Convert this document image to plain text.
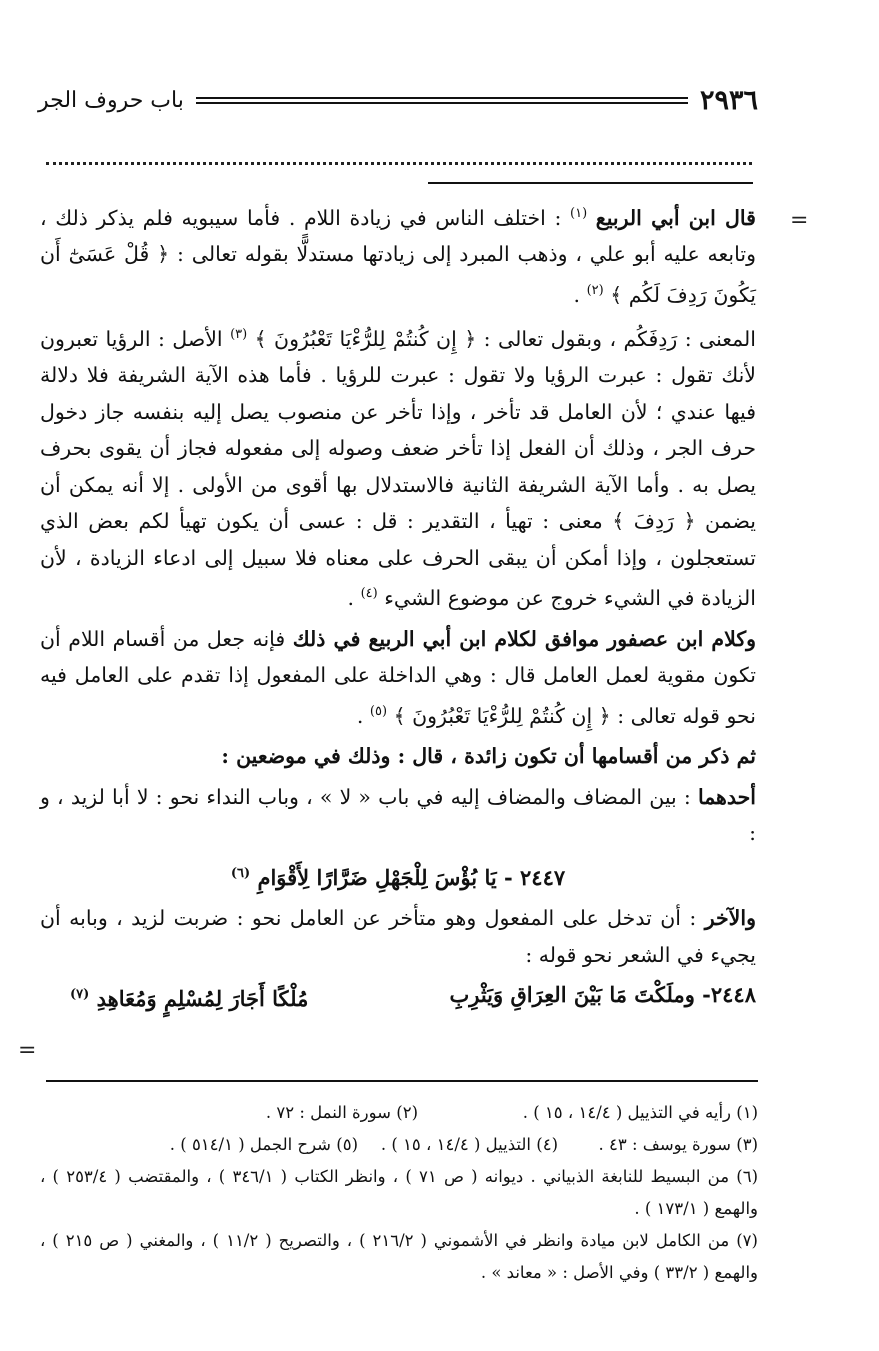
٢٩٣٦
باب حروف الجر
=
=

قال ابن أبي الربيع $^{(١)}$ : اختلف الناس في زيادة اللام . فأما سيبويه فلم يذكر ذلك ، وتابعه عليه أبو علي ، وذهب المبرد إلى زيادتها مستدلًّا بقوله تعالى : ﴿ قُلْ عَسَىٰٓ أَن يَكُونَ رَدِفَ لَكُم ﴾ $^{(٢)}$ .

المعنى : رَدِفَكُم ، وبقول تعالى : ﴿ إِن كُنتُمْ لِلرُّءْيَا تَعْبُرُونَ ﴾ $^{(٣)}$ الأصل : الرؤيا تعبرون لأنك تقول : عبرت الرؤيا ولا تقول : عبرت للرؤيا . فأما هذه الآية الشريفة فلا دلالة فيها عندي ؛ لأن العامل قد تأخر ، وإذا تأخر عن منصوب يصل إليه بنفسه جاز دخول حرف الجر ، وذلك أن الفعل إذا تأخر ضعف وصوله إلى مفعوله فجاز أن يقوى بحرف يصل به . وأما الآية الشريفة الثانية فالاستدلال بها أقوى من الأولى . إلا أنه يمكن أن يضمن ﴿ رَدِفَ ﴾ معنى : تهيأ ، التقدير : قل : عسى أن يكون تهيأ لكم بعض الذي تستعجلون ، وإذا أمكن أن يبقى الحرف على معناه فلا سبيل إلى ادعاء الزيادة ، لأن الزيادة في الشيء خروج عن موضوع الشيء $^{(٤)}$ .

وكلام ابن عصفور موافق لكلام ابن أبي الربيع في ذلك فإنه جعل من أقسام اللام أن تكون مقوية لعمل العامل قال : وهي الداخلة على المفعول إذا تقدم على العامل فيه نحو قوله تعالى : ﴿ إِن كُنتُمْ لِلرُّءْيَا تَعْبُرُونَ ﴾ $^{(٥)}$ .

ثم ذكر من أقسامها أن تكون زائدة ، قال : وذلك في موضعين :

أحدهما : بين المضاف والمضاف إليه في باب « لا » ، وباب النداء نحو : لا أبا لزيد ، و :

٢٤٤٧ - يَا بُؤْسَ لِلْجَهْلِ ضَرَّارًا لِأَقْوَامِ $^{(٦)}$

والآخر : أن تدخل على المفعول وهو متأخر عن العامل نحو : ضربت لزيد ، وبابه أن يجيء في الشعر نحو قوله :

٢٤٤٨- وملَكْتَ مَا بَيْنَ العِرَاقِ وَيَثْرِبِ
مُلْكًا أَجَارَ لِمُسْلِمٍ وَمُعَاهِدِ $^{(٧)}$
(١) رأيه في التذييل ( ١٤/٤ ، ١٥ ) .
(٢) سورة النمل : ٧٢ .
(٣) سورة يوسف : ٤٣ .
(٤) التذييل ( ١٤/٤ ، ١٥ ) .
(٥) شرح الجمل ( ٥١٤/١ ) .

(٦) من البسيط للنابغة الذبياني . ديوانه ( ص ٧١ ) ، وانظر الكتاب ( ٣٤٦/١ ) ، والمقتضب ( ٢٥٣/٤ ) ، والهمع ( ١٧٣/١ ) .

(٧) من الكامل لابن ميادة وانظر في الأشموني ( ٢١٦/٢ ) ، والتصريح ( ١١/٢ ) ، والمغني ( ص ٢١٥ ) ، والهمع ( ٣٣/٢ ) وفي الأصل : « معاند » .
